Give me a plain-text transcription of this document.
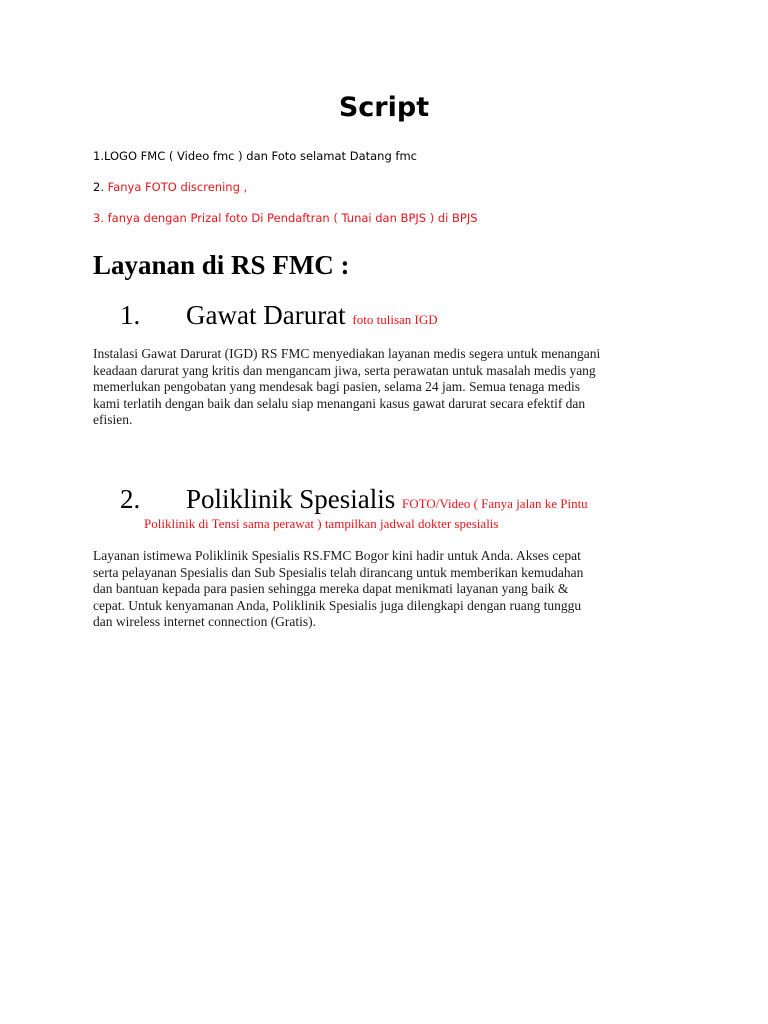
Script

1.LOGO FMC ( Video fmc ) dan Foto selamat Datang fmc

2. Fanya FOTO discrening ,

3. fanya dengan Prizal foto Di Pendaftran ( Tunai dan BPJS ) di BPJS

Layanan di RS FMC :
1. Gawat Darurat foto tulisan IGD
Instalasi Gawat Darurat (IGD) RS FMC menyediakan layanan medis segera untuk menangani
keadaan darurat yang kritis dan mengancam jiwa, serta perawatan untuk masalah medis yang
memerlukan pengobatan yang mendesak bagi pasien, selama 24 jam. Semua tenaga medis
kami terlatih dengan baik dan selalu siap menangani kasus gawat darurat secara efektif dan
efisien.
2. Poliklinik Spesialis FOTO/Video ( Fanya jalan ke Pintu

Poliklinik di Tensi sama perawat ) tampilkan jadwal dokter spesialis

Layanan istimewa Poliklinik Spesialis RS.FMC Bogor kini hadir untuk Anda. Akses cepat
serta pelayanan Spesialis dan Sub Spesialis telah dirancang untuk memberikan kemudahan
dan bantuan kepada para pasien sehingga mereka dapat menikmati layanan yang baik &
cepat. Untuk kenyamanan Anda, Poliklinik Spesialis juga dilengkapi dengan ruang tunggu
dan wireless internet connection (Gratis).
